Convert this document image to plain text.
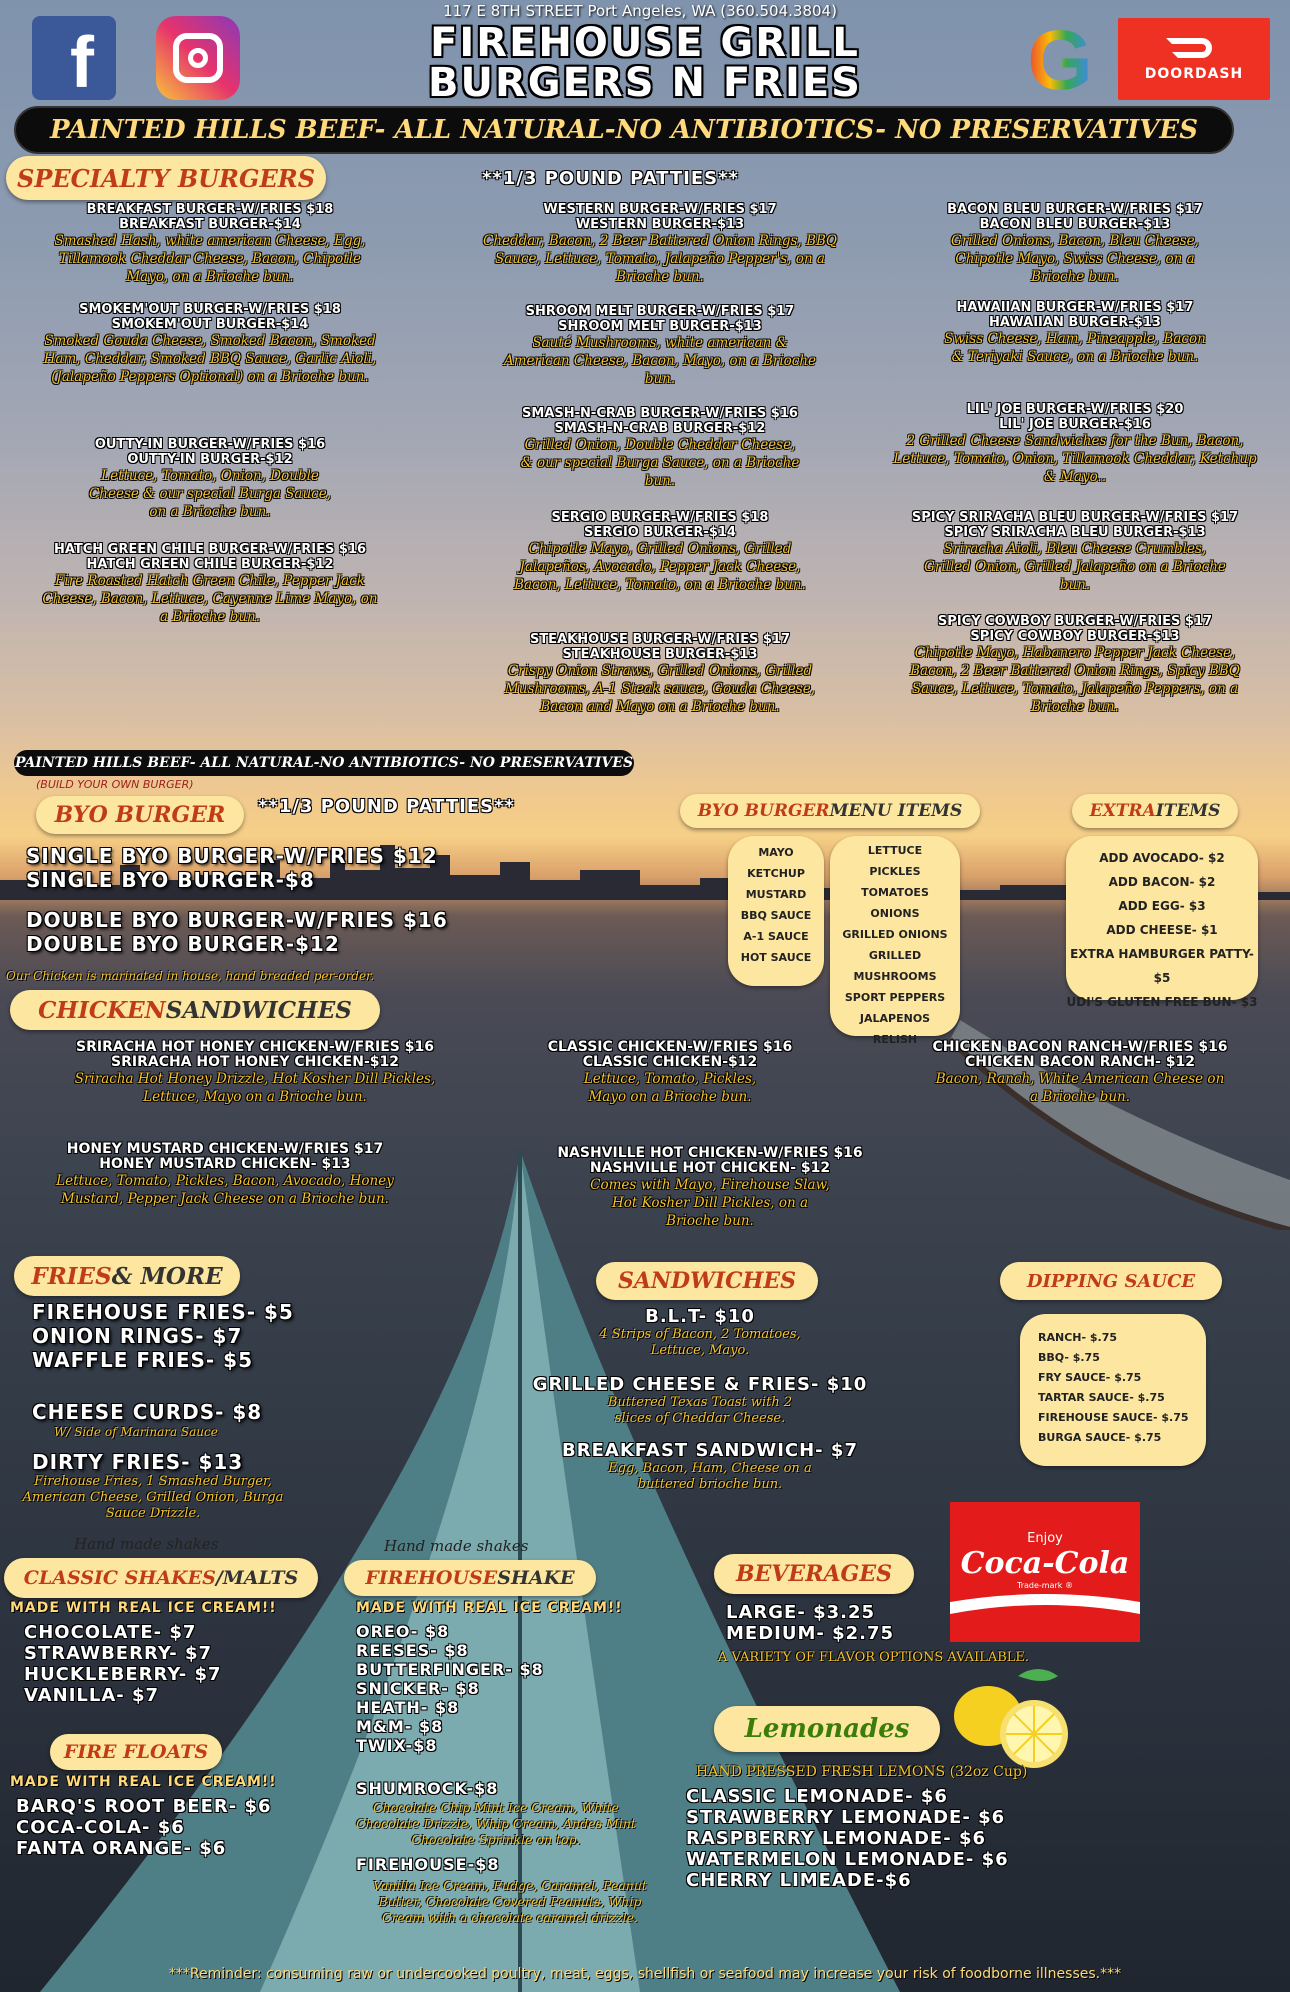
f
117 E 8TH STREET Port Angeles, WA (360.504.3804)
FIREHOUSE GRILL
BURGERS N FRIES	G	DOORDASH
PAINTED HILLS BEEF- ALL NATURAL-NO ANTIBIOTICS- NO PRESERVATIVES
SPECIALTY BURGERS	**1/3 POUND PATTIES**
BREAKFAST BURGER-W/FRIES $18
BREAKFAST BURGER-$14
Smashed Hash, white american Cheese, Egg, Tillamook Cheddar Cheese, Bacon, Chipotle Mayo, on a Brioche bun.
SMOKEM'OUT BURGER-W/FRIES $18
SMOKEM'OUT BURGER-$14
Smoked Gouda Cheese, Smoked Bacon, Smoked Ham, Cheddar, Smoked BBQ Sauce, Garlic Aioli, (Jalapeño Peppers Optional) on a Brioche bun.
OUTTY-IN BURGER-W/FRIES $16
OUTTY-IN BURGER-$12
Lettuce, Tomato, Onion, Double Cheese & our special Burga Sauce, on a Brioche bun.
HATCH GREEN CHILE BURGER-W/FRIES $16
HATCH GREEN CHILE BURGER-$12
Fire Roasted Hatch Green Chile, Pepper Jack Cheese, Bacon, Lettuce, Cayenne Lime Mayo, on a Brioche bun.
WESTERN BURGER-W/FRIES $17
WESTERN BURGER-$13
Cheddar, Bacon, 2 Beer Battered Onion Rings, BBQ Sauce, Lettuce, Tomato, Jalapeño Pepper's, on a Brioche bun.
SHROOM MELT BURGER-W/FRIES $17
SHROOM MELT BURGER-$13
Sauté Mushrooms, white american & American Cheese, Bacon, Mayo, on a Brioche bun.
SMASH-N-CRAB BURGER-W/FRIES $16
SMASH-N-CRAB BURGER-$12
Grilled Onion, Double Cheddar Cheese, & our special Burga Sauce, on a Brioche bun.
SERGIO BURGER-W/FRIES $18
SERGIO BURGER-$14
Chipotle Mayo, Grilled Onions, Grilled Jalapeños, Avocado, Pepper Jack Cheese, Bacon, Lettuce, Tomato, on a Brioche bun.
STEAKHOUSE BURGER-W/FRIES $17
STEAKHOUSE BURGER-$13
Crispy Onion Straws, Grilled Onions, Grilled Mushrooms, A-1 Steak sauce, Gouda Cheese, Bacon and Mayo on a Brioche bun.
BACON BLEU BURGER-W/FRIES $17
BACON BLEU BURGER-$13
Grilled Onions, Bacon, Bleu Cheese, Chipotle Mayo, Swiss Cheese, on a Brioche bun.
HAWAIIAN BURGER-W/FRIES $17
HAWAIIAN BURGER-$13
Swiss Cheese, Ham, Pineapple, Bacon & Teriyaki Sauce, on a Brioche bun.
LIL' JOE BURGER-W/FRIES $20
LIL' JOE BURGER-$16
2 Grilled Cheese Sandwiches for the Bun, Bacon, Lettuce, Tomato, Onion, Tillamook Cheddar, Ketchup & Mayo..
SPICY SRIRACHA BLEU BURGER-W/FRIES $17
SPICY SRIRACHA BLEU BURGER-$13
Sriracha Aioli, Bleu Cheese Crumbles, Grilled Onion, Grilled Jalapeño on a Brioche bun.
SPICY COWBOY BURGER-W/FRIES $17
SPICY COWBOY BURGER-$13
Chipotle Mayo, Habanero Pepper Jack Cheese, Bacon, 2 Beer Battered Onion Rings, Spicy BBQ Sauce, Lettuce, Tomato, Jalapeño Peppers, on a Brioche bun.
PAINTED HILLS BEEF- ALL NATURAL-NO ANTIBIOTICS- NO PRESERVATIVES
(BUILD YOUR OWN BURGER)
BYO BURGER **1/3 POUND PATTIES**
SINGLE BYO BURGER-W/FRIES $12
SINGLE BYO BURGER-$8
DOUBLE BYO BURGER-W/FRIES $16
DOUBLE BYO BURGER-$12
BYO BURGER MENU ITEMS
MAYO
KETCHUP
MUSTARD
BBQ SAUCE
A-1 SAUCE
HOT SAUCE
LETTUCE
PICKLES
TOMATOES
ONIONS
GRILLED ONIONS
GRILLED MUSHROOMS
SPORT PEPPERS
JALAPENOS
RELISH
EXTRA ITEMS
ADD AVOCADO- $2
ADD BACON- $2
ADD EGG- $3
ADD CHEESE- $1
EXTRA HAMBURGER PATTY- $5
UDI'S GLUTEN FREE BUN- $3
Our Chicken is marinated in house, hand breaded per-order.
CHICKEN SANDWICHES
SRIRACHA HOT HONEY CHICKEN-W/FRIES $16
SRIRACHA HOT HONEY CHICKEN-$12
Sriracha Hot Honey Drizzle, Hot Kosher Dill Pickles, Lettuce, Mayo on a Brioche bun.
CLASSIC CHICKEN-W/FRIES $16
CLASSIC CHICKEN-$12
Lettuce, Tomato, Pickles, Mayo on a Brioche bun.
CHICKEN BACON RANCH-W/FRIES $16
CHICKEN BACON RANCH- $12
Bacon, Ranch, White American Cheese on a Brioche bun.
HONEY MUSTARD CHICKEN-W/FRIES $17
HONEY MUSTARD CHICKEN- $13
Lettuce, Tomato, Pickles, Bacon, Avocado, Honey Mustard, Pepper Jack Cheese on a Brioche bun.
NASHVILLE HOT CHICKEN-W/FRIES $16
NASHVILLE HOT CHICKEN- $12
Comes with Mayo, Firehouse Slaw, Hot Kosher Dill Pickles, on a Brioche bun.
FRIES & MORE
FIREHOUSE FRIES- $5
ONION RINGS- $7
WAFFLE FRIES- $5
CHEESE CURDS- $8
W/ Side of Marinara Sauce
DIRTY FRIES- $13
Firehouse Fries, 1 Smashed Burger, American Cheese, Grilled Onion, Burga Sauce Drizzle.
SANDWICHES
B.L.T- $10
4 Strips of Bacon, 2 Tomatoes, Lettuce, Mayo.
GRILLED CHEESE & FRIES- $10
Buttered Texas Toast with 2 slices of Cheddar Cheese.
BREAKFAST SANDWICH- $7
Egg, Bacon, Ham, Cheese on a buttered brioche bun.
DIPPING SAUCE
RANCH- $.75
BBQ- $.75
FRY SAUCE- $.75
TARTAR SAUCE- $.75
FIREHOUSE SAUCE- $.75
BURGA SAUCE- $.75
Hand made shakes
CLASSIC SHAKES /MALTS
MADE WITH REAL ICE CREAM!!
CHOCOLATE- $7
STRAWBERRY- $7
HUCKLEBERRY- $7
VANILLA- $7
Hand made shakes
FIREHOUSE SHAKE
MADE WITH REAL ICE CREAM!!
OREO- $8
REESES- $8
BUTTERFINGER- $8
SNICKER- $8
HEATH- $8
M&M- $8
TWIX-$8
SHUMROCK-$8
Chocolate Chip Mint Ice Cream, White Chocolate Drizzle, Whip Cream, Andes Mint Chocolate Sprinkle on top.
FIREHOUSE-$8
Vanilla Ice Cream, Fudge, Caramel, Peanut Butter, Chocolate Covered Peanuts, Whip Cream with a chocolate caramel drizzle.
FIRE FLOATS
MADE WITH REAL ICE CREAM!!
BARQ'S ROOT BEER- $6
COCA-COLA- $6
FANTA ORANGE- $6
BEVERAGES
LARGE- $3.25
MEDIUM- $2.75
A VARIETY OF FLAVOR OPTIONS AVAILABLE.
Enjoy
Coca-Cola
Trade-mark ®
Lemonades
HAND PRESSED FRESH LEMONS (32oz Cup)
CLASSIC LEMONADE- $6
STRAWBERRY LEMONADE- $6
RASPBERRY LEMONADE- $6
WATERMELON LEMONADE- $6
CHERRY LIMEADE-$6
***Reminder: consuming raw or undercooked poultry, meat, eggs, shellfish or seafood may increase your risk of foodborne illnesses.***
